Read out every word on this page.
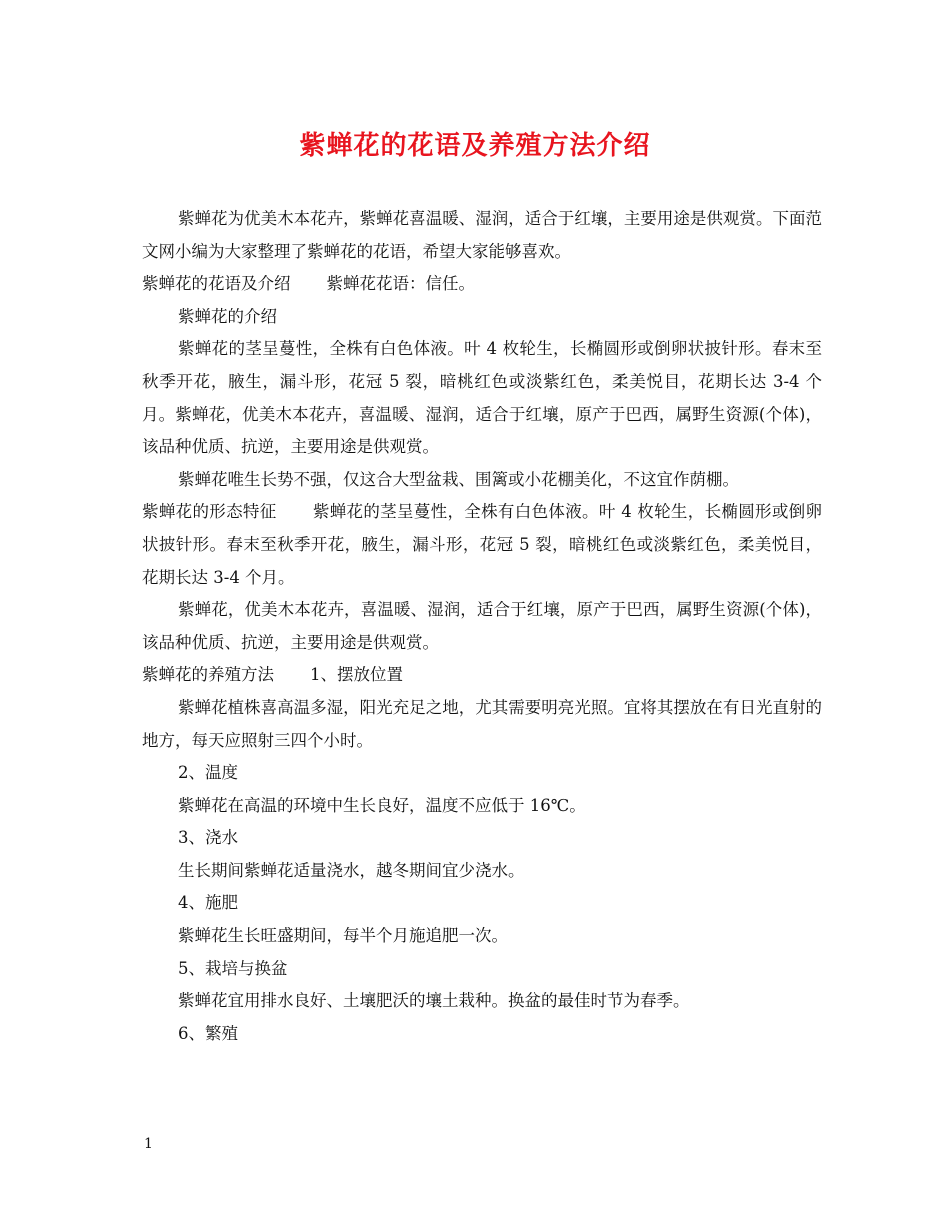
紫蝉花的花语及养殖方法介绍

紫蝉花为优美木本花卉，紫蝉花喜温暖、湿润，适合于红壤，主要用途是供观赏。下面范文网小编为大家整理了紫蝉花的花语，希望大家能够喜欢。

紫蝉花的花语及介绍 紫蝉花花语：信任。

紫蝉花的介绍

紫蝉花的茎呈蔓性，全株有白色体液。叶 4 枚轮生，长椭圆形或倒卵状披针形。春末至秋季开花，腋生，漏斗形，花冠 5 裂，暗桃红色或淡紫红色，柔美悦目，花期长达 3-4 个月。紫蝉花，优美木本花卉，喜温暖、湿润，适合于红壤，原产于巴西，属野生资源(个体)，该品种优质、抗逆，主要用途是供观赏。

紫蝉花唯生长势不强，仅这合大型盆栽、围篱或小花棚美化，不这宜作荫棚。

紫蝉花的形态特征 紫蝉花的茎呈蔓性，全株有白色体液。叶 4 枚轮生，长椭圆形或倒卵状披针形。春末至秋季开花，腋生，漏斗形，花冠 5 裂，暗桃红色或淡紫红色，柔美悦目，花期长达 3-4 个月。

紫蝉花，优美木本花卉，喜温暖、湿润，适合于红壤，原产于巴西，属野生资源(个体)，该品种优质、抗逆，主要用途是供观赏。

紫蝉花的养殖方法 1、摆放位置

紫蝉花植株喜高温多湿，阳光充足之地，尤其需要明亮光照。宜将其摆放在有日光直射的地方，每天应照射三四个小时。

2、温度

紫蝉花在高温的环境中生长良好，温度不应低于 16℃。

3、浇水

生长期间紫蝉花适量浇水，越冬期间宜少浇水。

4、施肥

紫蝉花生长旺盛期间，每半个月施追肥一次。

5、栽培与换盆

紫蝉花宜用排水良好、土壤肥沃的壤土栽种。换盆的最佳时节为春季。

6、繁殖

1
